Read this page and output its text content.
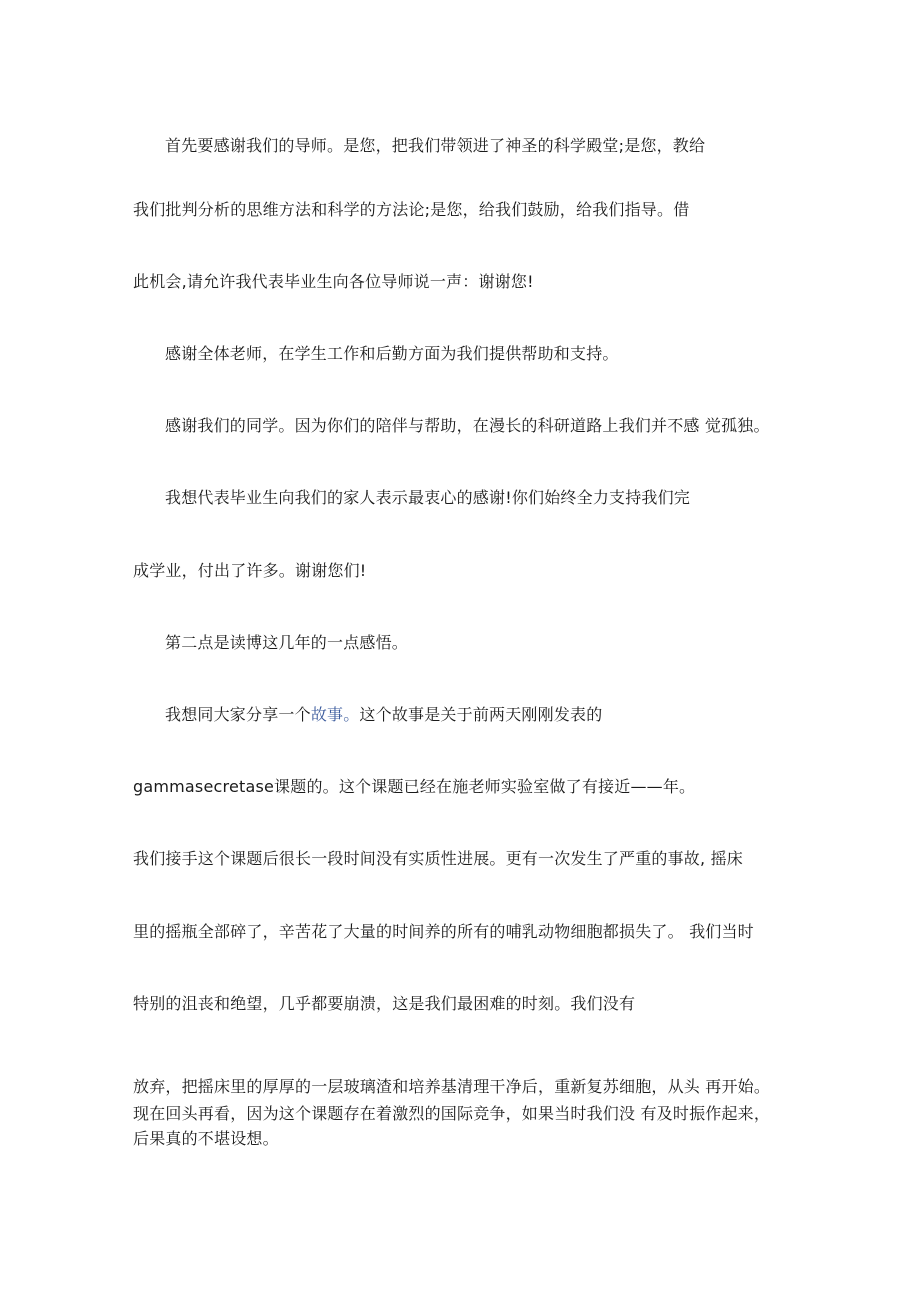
首先要感谢我们的导师。是您，把我们带领进了神圣的科学殿堂;是您，教给
我们批判分析的思维方法和科学的方法论;是您，给我们鼓励，给我们指导。借
此机会,请允许我代表毕业生向各位导师说一声：谢谢您!
感谢全体老师，在学生工作和后勤方面为我们提供帮助和支持。
感谢我们的同学。因为你们的陪伴与帮助，在漫长的科研道路上我们并不感 觉孤独。
我想代表毕业生向我们的家人表示最衷心的感谢!你们始终全力支持我们完
成学业，付出了许多。谢谢您们!
第二点是读博这几年的一点感悟。
我想同大家分享一个故事。这个故事是关于前两天刚刚发表的
gammasecretase课题的。这个课题已经在施老师实验室做了有接近——年。
我们接手这个课题后很长一段时间没有实质性进展。更有一次发生了严重的事故, 摇床
里的摇瓶全部碎了，辛苦花了大量的时间养的所有的哺乳动物细胞都损失了。 我们当时
特别的沮丧和绝望，几乎都要崩溃，这是我们最困难的时刻。我们没有
放弃，把摇床里的厚厚的一层玻璃渣和培养基清理干净后，重新复苏细胞，从头 再开始。
现在回头再看，因为这个课题存在着激烈的国际竞争，如果当时我们没 有及时振作起来，
后果真的不堪设想。
